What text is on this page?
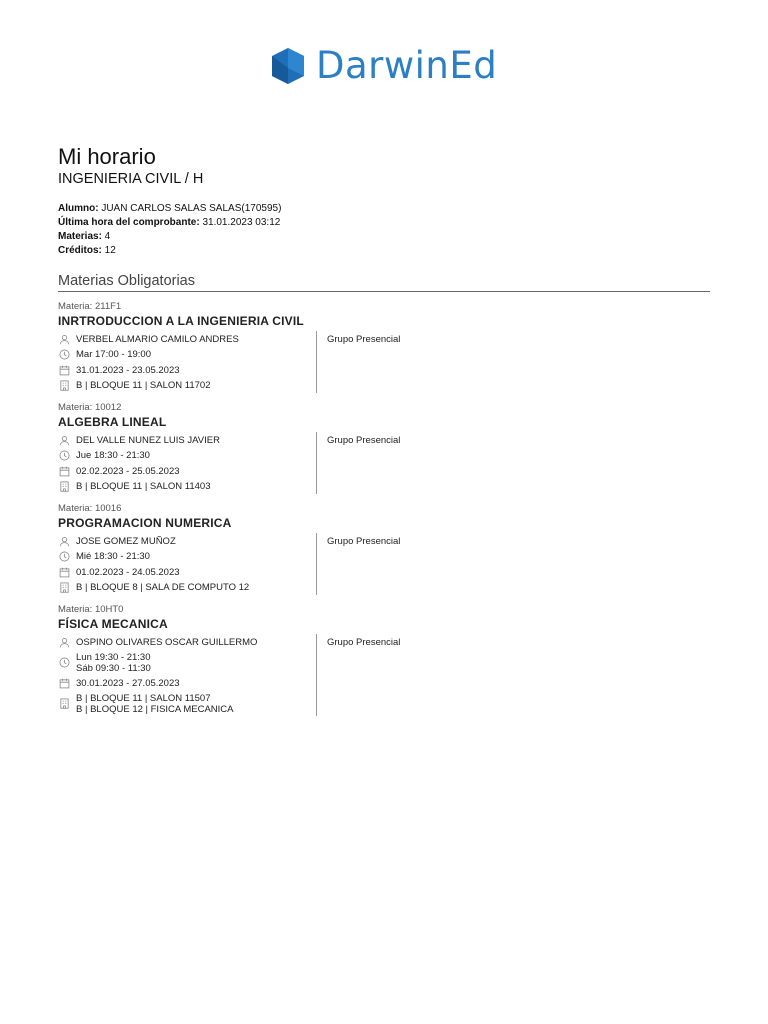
DarwinEd
Mi horario
INGENIERIA CIVIL / H
Alumno: JUAN CARLOS SALAS SALAS(170595)
Última hora del comprobante: 31.01.2023 03:12
Materias: 4
Créditos: 12
Materias Obligatorias
Materia: 211F1
INRTRODUCCION A LA INGENIERIA CIVIL
VERBEL ALMARIO CAMILO ANDRES
Mar 17:00 - 19:00
31.01.2023 - 23.05.2023
B | BLOQUE 11 | SALON 11702
Grupo Presencial
Materia: 10012
ALGEBRA LINEAL
DEL VALLE NUNEZ LUIS JAVIER
Jue 18:30 - 21:30
02.02.2023 - 25.05.2023
B | BLOQUE 11 | SALON 11403
Grupo Presencial
Materia: 10016
PROGRAMACION NUMERICA
JOSE GOMEZ MUÑOZ
Mié 18:30 - 21:30
01.02.2023 - 24.05.2023
B | BLOQUE 8 | SALA DE COMPUTO 12
Grupo Presencial
Materia: 10HT0
FÍSICA MECANICA
OSPINO OLIVARES OSCAR GUILLERMO
Lun 19:30 - 21:30
Sáb 09:30 - 11:30
30.01.2023 - 27.05.2023
B | BLOQUE 11 | SALON 11507
B | BLOQUE 12 | FISICA MECANICA
Grupo Presencial
